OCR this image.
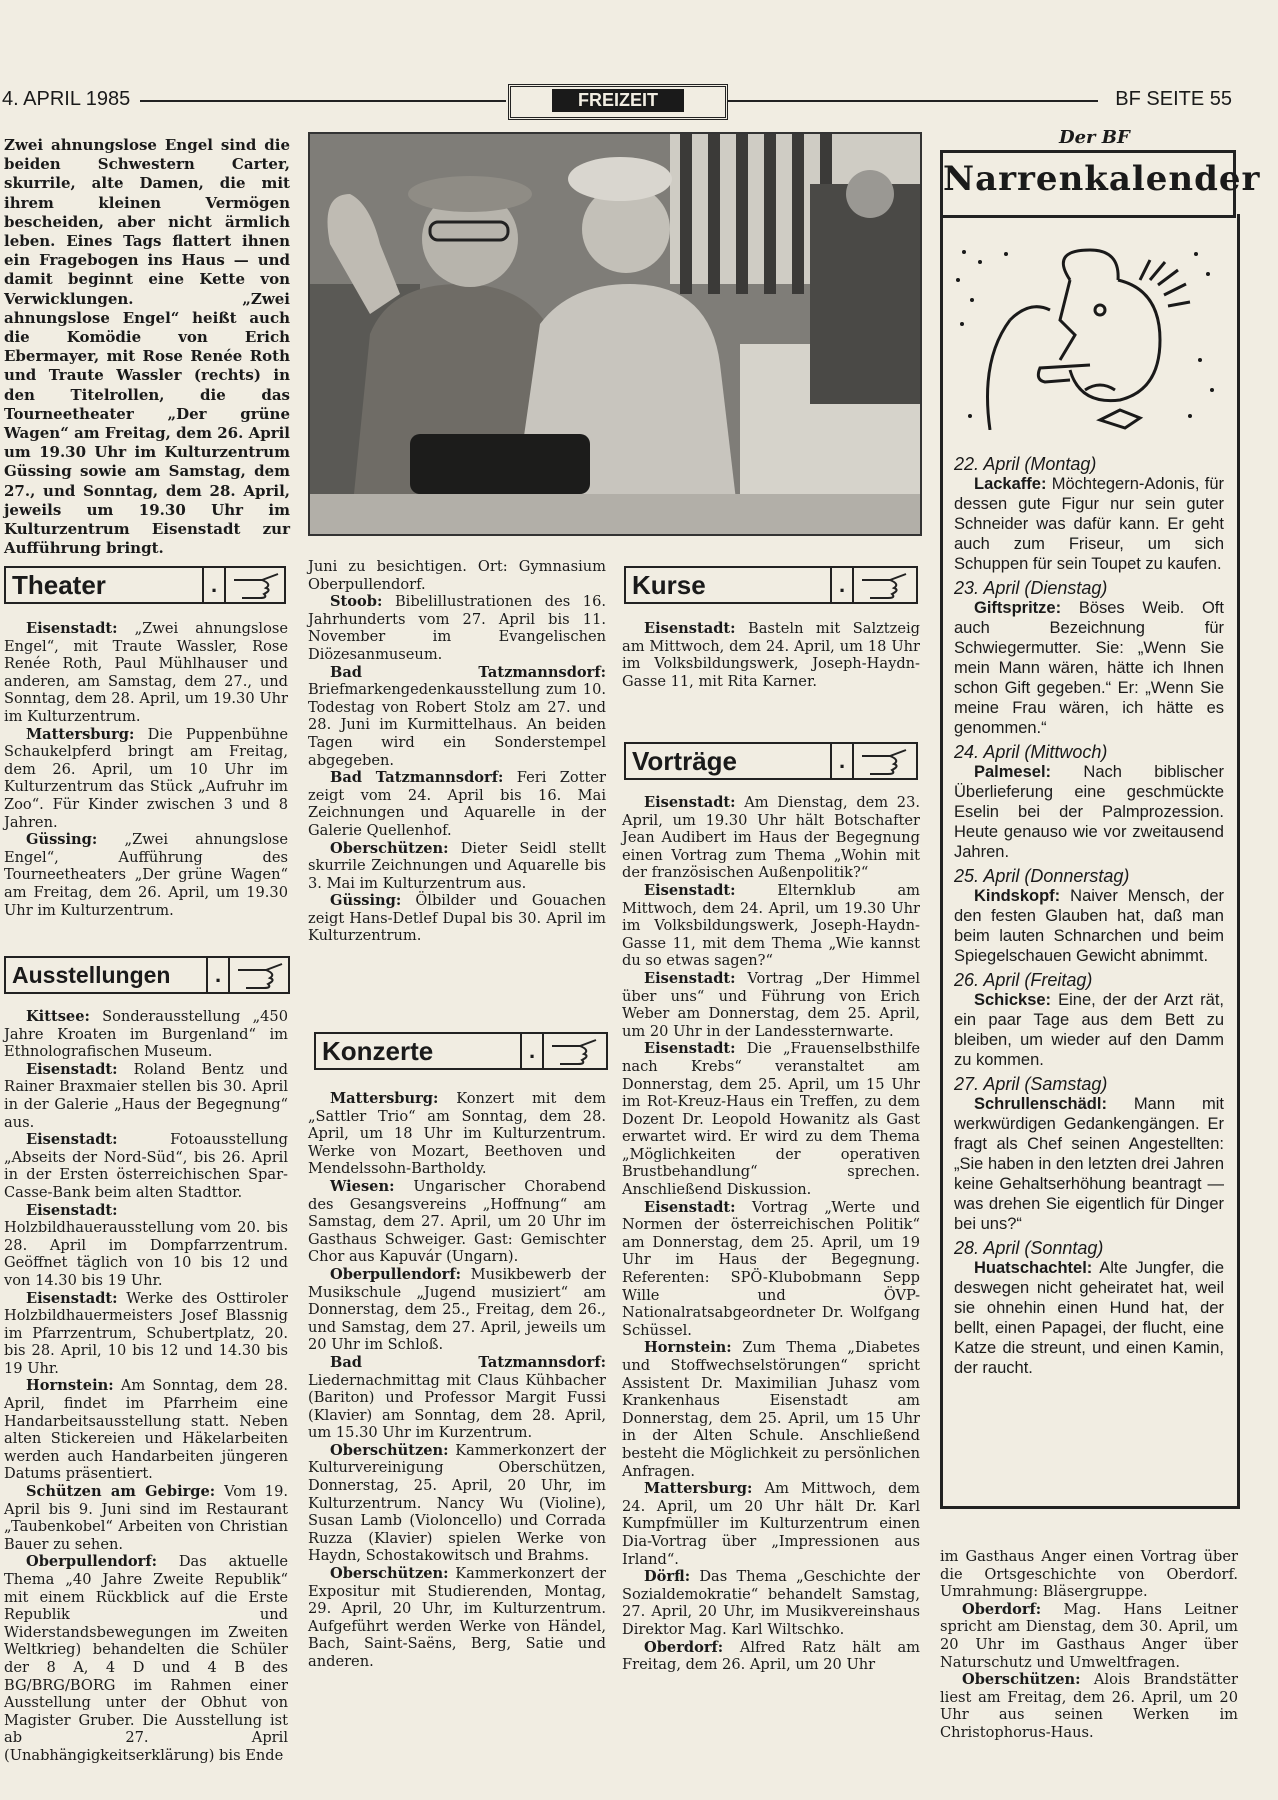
4. APRIL 1985	FREIZEIT	BF SEITE 55
Zwei ahnungslose Engel sind die beiden Schwestern Carter, skurrile, alte Damen, die mit ihrem kleinen Vermögen bescheiden, aber nicht ärmlich leben. Eines Tags flattert ihnen ein Fragebogen ins Haus — und damit beginnt eine Kette von Verwicklungen. „Zwei ahnungslose Engel“ heißt auch die Komödie von Erich Ebermayer, mit Rose Renée Roth und Traute Wassler (rechts) in den Titelrollen, die das Tourneetheater „Der grüne Wagen“ am Freitag, dem 26. April um 19.30 Uhr im Kulturzentrum Güssing sowie am Samstag, dem 27., und Sonntag, dem 28. April, jeweils um 19.30 Uhr im Kulturzentrum Eisenstadt zur Aufführung bringt.
Theater	.

Eisenstadt: „Zwei ahnungslose Engel“, mit Traute Wassler, Rose Renée Roth, Paul Mühlhauser und anderen, am Samstag, dem 27., und Sonntag, dem 28. April, um 19.30 Uhr im Kulturzentrum.

Mattersburg: Die Puppenbühne Schaukelpferd bringt am Freitag, dem 26. April, um 10 Uhr im Kulturzentrum das Stück „Aufruhr im Zoo“. Für Kinder zwischen 3 und 8 Jahren.

Güssing: „Zwei ahnungslose Engel“, Aufführung des Tourneetheaters „Der grüne Wagen“ am Freitag, dem 26. April, um 19.30 Uhr im Kulturzentrum.

Ausstellungen	.

Kittsee: Sonderausstellung „450 Jahre Kroaten im Burgenland“ im Ethnolografischen Museum.

Eisenstadt: Roland Bentz und Rainer Braxmaier stellen bis 30. April in der Galerie „Haus der Begegnung“ aus.

Eisenstadt:	Fotoausstellung „Abseits der Nord-Süd“, bis 26. April in der Ersten österreichischen Spar-Casse-Bank beim alten Stadttor.

Eisenstadt: Holzbildhauerausstellung vom 20. bis 28. April im Dompfarrzentrum. Geöffnet täglich von 10 bis 12 und von 14.30 bis 19 Uhr.

Eisenstadt: Werke des Osttiroler Holzbildhauermeisters Josef Blassnig im Pfarrzentrum, Schubertplatz, 20. bis 28. April, 10 bis 12 und 14.30 bis 19 Uhr.

Hornstein: Am Sonntag, dem 28. April, findet im Pfarrheim eine Handarbeitsausstellung statt. Neben alten Stickereien und Häkelarbeiten werden auch Handarbeiten jüngeren Datums präsentiert.

Schützen am Gebirge: Vom 19. April bis 9. Juni sind im Restaurant „Taubenkobel“ Arbeiten von Christian Bauer zu sehen.

Oberpullendorf: Das aktuelle Thema „40 Jahre Zweite Republik“ mit einem Rückblick auf die Erste Republik und Widerstandsbewegungen im Zweiten Weltkrieg) behandelten die Schüler der 8 A, 4 D und 4 B des BG/BRG/BORG im Rahmen einer Ausstellung unter der Obhut von Magister Gruber. Die Ausstellung ist ab 27. April (Unabhängigkeitserklärung) bis Ende

Juni zu besichtigen. Ort: Gymnasium Oberpullendorf.

Stoob: Bibelillustrationen des 16. Jahrhunderts vom 27. April bis 11. November im Evangelischen Diözesanmuseum.

Bad Tatzmannsdorf: Briefmarkengedenkausstellung zum 10. Todestag von Robert Stolz am 27. und 28. Juni im Kurmittelhaus. An beiden Tagen wird ein Sonderstempel abgegeben.

Bad Tatzmannsdorf: Feri Zotter zeigt vom 24. April bis 16. Mai Zeichnungen und Aquarelle in der Galerie Quellenhof.

Oberschützen: Dieter Seidl stellt skurrile Zeichnungen und Aquarelle bis 3. Mai im Kulturzentrum aus.

Güssing: Ölbilder und Gouachen zeigt Hans-Detlef Dupal bis 30. April im Kulturzentrum.

Konzerte	.

Mattersburg: Konzert mit dem „Sattler Trio“ am Sonntag, dem 28. April, um 18 Uhr im Kulturzentrum. Werke von Mozart, Beethoven und Mendelssohn-Bartholdy.

Wiesen: Ungarischer Chorabend des Gesangsvereins „Hoffnung“ am Samstag, dem 27. April, um 20 Uhr im Gasthaus Schweiger. Gast: Gemischter Chor aus Kapuvár (Ungarn).

Oberpullendorf: Musikbewerb der Musikschule „Jugend musiziert“ am Donnerstag, dem 25., Freitag, dem 26., und Samstag, dem 27. April, jeweils um 20 Uhr im Schloß.

Bad Tatzmannsdorf: Liedernachmittag mit Claus Kühbacher (Bariton) und Professor Margit Fussi (Klavier) am Sonntag, dem 28. April, um 15.30 Uhr im Kurzentrum.

Oberschützen: Kammerkonzert der Kulturvereinigung Oberschützen, Donnerstag, 25. April, 20 Uhr, im Kulturzentrum. Nancy Wu (Violine), Susan Lamb (Violoncello) und Corrada Ruzza (Klavier) spielen Werke von Haydn, Schostakowitsch und Brahms.

Oberschützen: Kammerkonzert der Expositur mit Studierenden, Montag, 29. April, 20 Uhr, im Kulturzentrum. Aufgeführt werden Werke von Händel, Bach, Saint-Saëns, Berg, Satie und anderen.

Kurse	.

Eisenstadt: Basteln mit Salztzeig am Mittwoch, dem 24. April, um 18 Uhr im Volksbildungswerk, Joseph-Haydn-Gasse 11, mit Rita Karner.

Vorträge	.

Eisenstadt: Am Dienstag, dem 23. April, um 19.30 Uhr hält Botschafter Jean Audibert im Haus der Begegnung einen Vortrag zum Thema „Wohin mit der französischen Außenpolitik?“

Eisenstadt:	Elternklub am Mittwoch, dem 24. April, um 19.30 Uhr im Volksbildungswerk, Joseph-Haydn-Gasse 11, mit dem Thema „Wie kannst du so etwas sagen?“

Eisenstadt: Vortrag „Der Himmel über uns“ und Führung von Erich Weber am Donnerstag, dem 25. April, um 20 Uhr in der Landessternwarte.

Eisenstadt: Die „Frauenselbsthilfe nach Krebs“ veranstaltet am Donnerstag, dem 25. April, um 15 Uhr im Rot-Kreuz-Haus ein Treffen, zu dem Dozent Dr. Leopold Howanitz als Gast erwartet wird. Er wird zu dem Thema „Möglichkeiten der operativen Brustbehandlung“ sprechen. Anschließend Diskussion.

Eisenstadt: Vortrag „Werte und Normen der österreichischen Politik“ am Donnerstag, dem 25. April, um 19 Uhr im Haus der Begegnung. Referenten: SPÖ-Klubobmann Sepp Wille und ÖVP-Nationalratsabgeordneter Dr. Wolfgang Schüssel.

Hornstein: Zum Thema „Diabetes und Stoffwechselstörungen“ spricht Assistent Dr. Maximilian Juhasz vom Krankenhaus Eisenstadt am Donnerstag, dem 25. April, um 15 Uhr in der Alten Schule. Anschließend besteht die Möglichkeit zu persönlichen Anfragen.

Mattersburg: Am Mittwoch, dem 24. April, um 20 Uhr hält Dr. Karl Kumpfmüller im Kulturzentrum einen Dia-Vortrag über „Impressionen aus Irland“.

Dörfl: Das Thema „Geschichte der Sozialdemokratie“ behandelt Samstag, 27. April, 20 Uhr, im Musikvereinshaus Direktor Mag. Karl Wiltschko.

Oberdorf: Alfred Ratz hält am Freitag, dem 26. April, um 20 Uhr

Der BF
Narrenkalender
22. April (Montag)

Lackaffe: Möchtegern-Adonis, für dessen gute Figur nur sein guter Schneider was dafür kann. Er geht auch zum Friseur, um sich Schuppen für sein Toupet zu kaufen.

23. April (Dienstag)

Giftspritze: Böses Weib. Oft auch Bezeichnung für Schwiegermutter. Sie: „Wenn Sie mein Mann wären, hätte ich Ihnen schon Gift gegeben.“ Er: „Wenn Sie meine Frau wären, ich hätte es genommen.“

24. April (Mittwoch)

Palmesel: Nach biblischer Überlieferung eine geschmückte Eselin bei der Palmprozession. Heute genauso wie vor zweitausend Jahren.

25. April (Donnerstag)

Kindskopf: Naiver Mensch, der den festen Glauben hat, daß man beim lauten Schnarchen und beim Spiegelschauen Gewicht abnimmt.

26. April (Freitag)

Schickse: Eine, der der Arzt rät, ein paar Tage aus dem Bett zu bleiben, um wieder auf den Damm zu kommen.

27. April (Samstag)

Schrullenschädl: Mann mit werkwürdigen Gedankengängen. Er fragt als Chef seinen Angestellten: „Sie haben in den letzten drei Jahren keine Gehaltserhöhung beantragt — was drehen Sie eigentlich für Dinger bei uns?“

28. April (Sonntag)

Huatschachtel: Alte Jungfer, die deswegen nicht geheiratet hat, weil sie ohnehin einen Hund hat, der bellt, einen Papagei, der flucht, eine Katze die streunt, und einen Kamin, der raucht.

im Gasthaus Anger einen Vortrag über die Ortsgeschichte von Oberdorf. Umrahmung: Bläsergruppe.

Oberdorf: Mag. Hans Leitner spricht am Dienstag, dem 30. April, um 20 Uhr im Gasthaus Anger über Naturschutz und Umweltfragen.

Oberschützen: Alois Brandstätter liest am Freitag, dem 26. April, um 20 Uhr aus seinen Werken im Christophorus-Haus.
